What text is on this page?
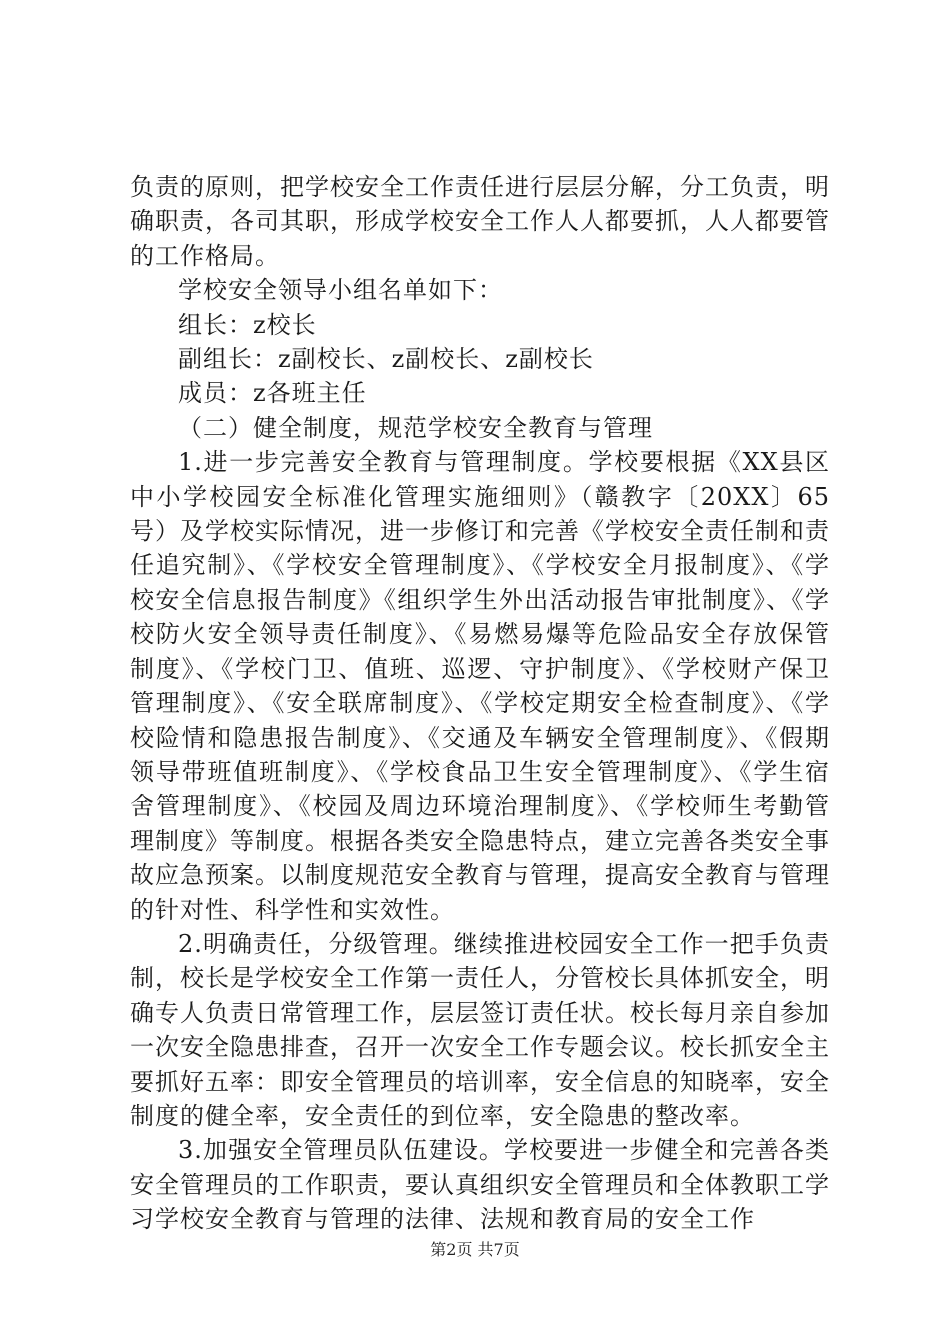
负责的原则，把学校安全工作责任进行层层分解，分工负责，明确职责，各司其职，形成学校安全工作人人都要抓，人人都要管的工作格局。

学校安全领导小组名单如下：

组长：z校长

副组长：z副校长、z副校长、z副校长

成员：z各班主任

（二）健全制度，规范学校安全教育与管理

1.进一步完善安全教育与管理制度。学校要根据《XX县区中小学校园安全标准化管理实施细则》（赣教字〔20XX〕65号）及学校实际情况，进一步修订和完善《学校安全责任制和责任追究制》、《学校安全管理制度》、《学校安全月报制度》、《学校安全信息报告制度》《组织学生外出活动报告审批制度》、《学校防火安全领导责任制度》、《易燃易爆等危险品安全存放保管制度》、《学校门卫、值班、巡逻、守护制度》、《学校财产保卫管理制度》、《安全联席制度》、《学校定期安全检查制度》、《学校险情和隐患报告制度》、《交通及车辆安全管理制度》、《假期领导带班值班制度》、《学校食品卫生安全管理制度》、《学生宿舍管理制度》、《校园及周边环境治理制度》、《学校师生考勤管理制度》等制度。根据各类安全隐患特点，建立完善各类安全事故应急预案。以制度规范安全教育与管理，提高安全教育与管理的针对性、科学性和实效性。

2.明确责任，分级管理。继续推进校园安全工作一把手负责制，校长是学校安全工作第一责任人，分管校长具体抓安全，明确专人负责日常管理工作，层层签订责任状。校长每月亲自参加一次安全隐患排查，召开一次安全工作专题会议。校长抓安全主要抓好五率：即安全管理员的培训率，安全信息的知晓率，安全制度的健全率，安全责任的到位率，安全隐患的整改率。

3.加强安全管理员队伍建设。学校要进一步健全和完善各类安全管理员的工作职责，要认真组织安全管理员和全体教职工学习学校安全教育与管理的法律、法规和教育局的安全工作

第2页 共7页
